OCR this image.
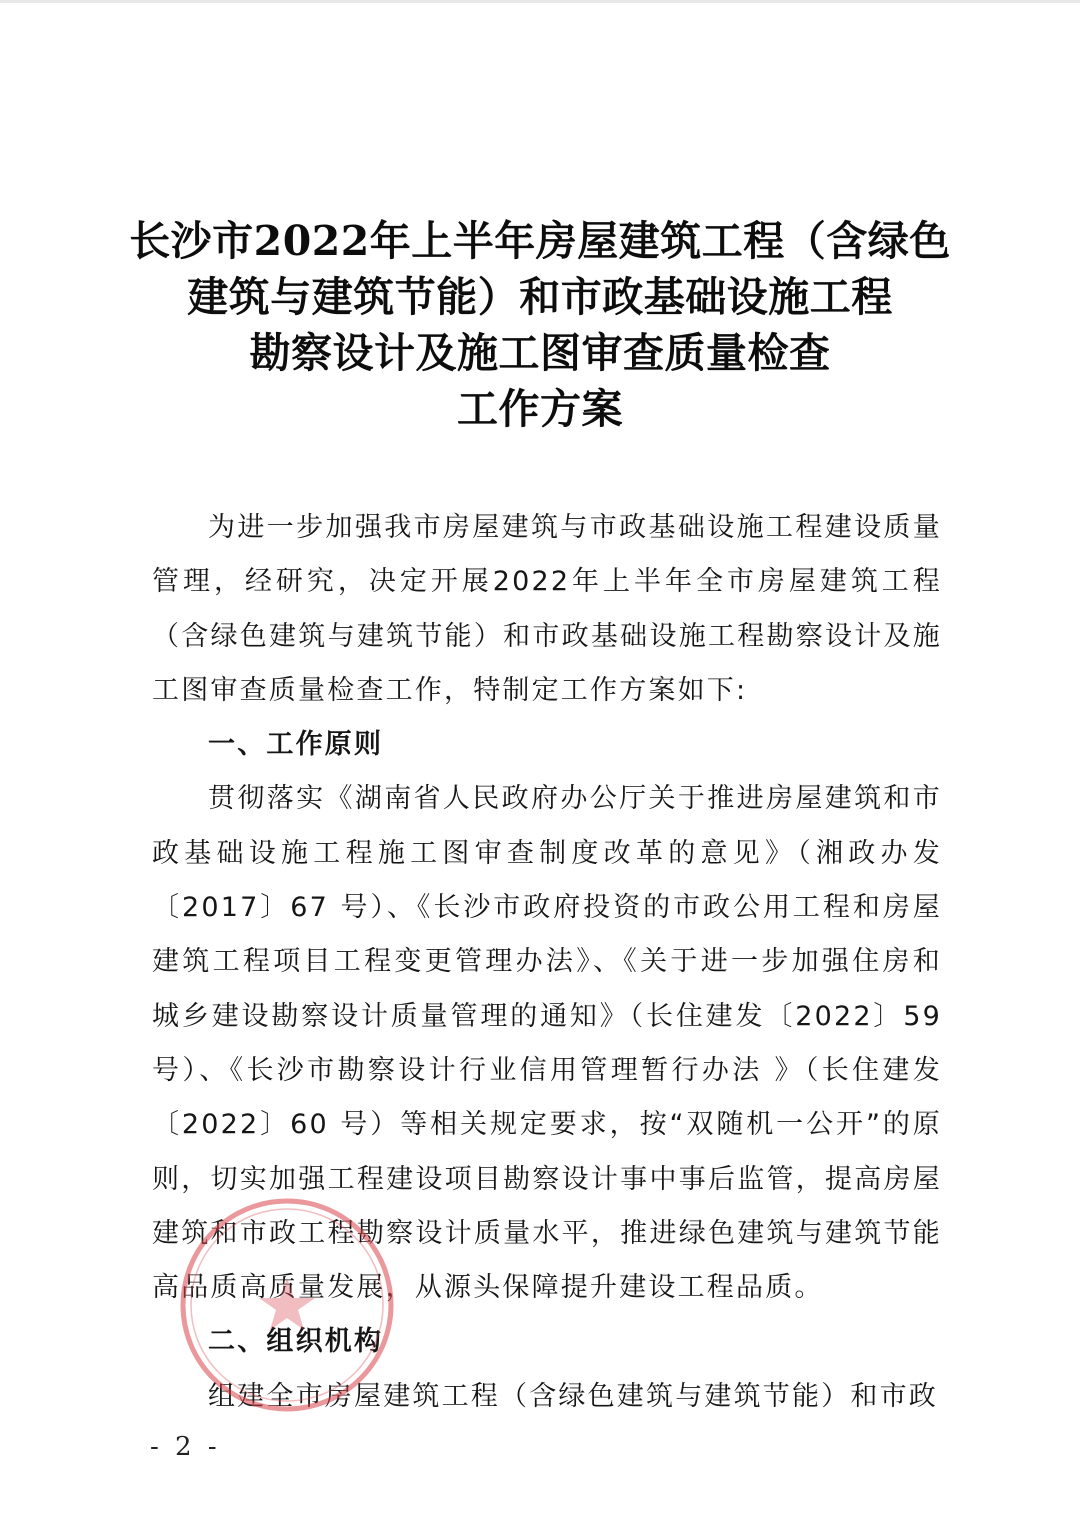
长沙市2022年上半年房屋建筑工程（含绿色
建筑与建筑节能）和市政基础设施工程
勘察设计及施工图审查质量检查
工作方案

为进一步加强我市房屋建筑与市政基础设施工程建设质量管理，经研究，决定开展2022年上半年全市房屋建筑工程（含绿色建筑与建筑节能）和市政基础设施工程勘察设计及施工图审查质量检查工作，特制定工作方案如下:

一、工作原则

贯彻落实《湖南省人民政府办公厅关于推进房屋建筑和市政基础设施工程施工图审查制度改革的意见》（湘政办发〔2017〕67 号）、《长沙市政府投资的市政公用工程和房屋建筑工程项目工程变更管理办法》、《关于进一步加强住房和城乡建设勘察设计质量管理的通知》（长住建发〔2022〕59 号）、《长沙市勘察设计行业信用管理暂行办法 》（长住建发〔2022〕60 号）等相关规定要求，按“双随机一公开”的原则，切实加强工程建设项目勘察设计事中事后监管，提高房屋建筑和市政工程勘察设计质量水平，推进绿色建筑与建筑节能高品质高质量发展，从源头保障提升建设工程品质。

二、组织机构

组建全市房屋建筑工程（含绿色建筑与建筑节能）和市政

- 2 -
